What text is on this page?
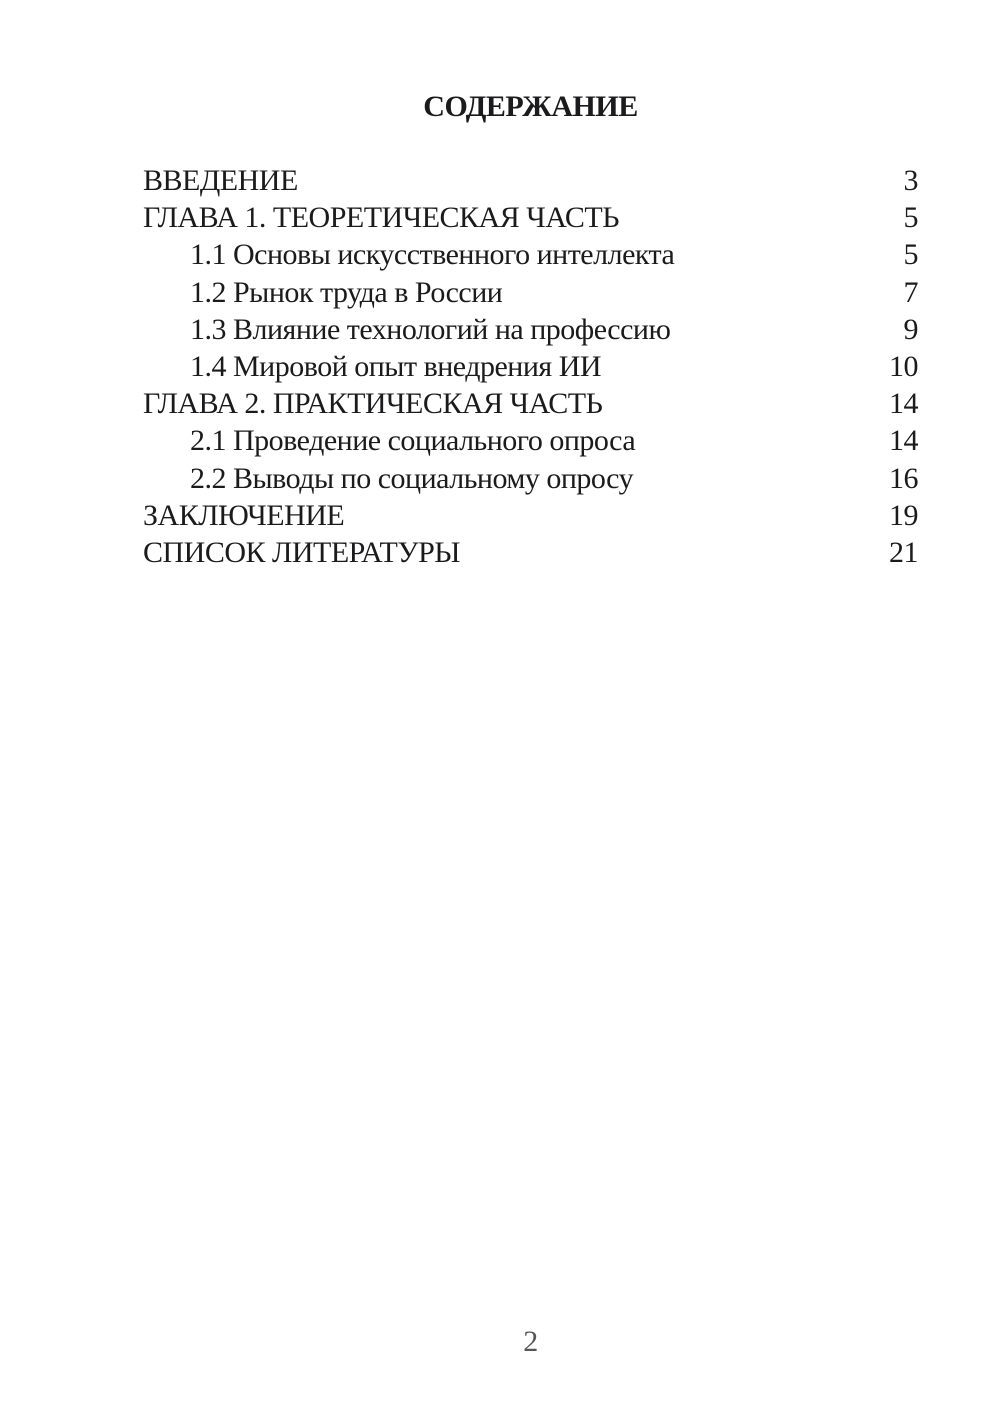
СОДЕРЖАНИЕ
ВВЕДЕНИЕ	3
ГЛАВА 1. ТЕОРЕТИЧЕСКАЯ ЧАСТЬ	5
1.1 Основы искусственного интеллекта	5
1.2 Рынок труда в России	7
1.3 Влияние технологий на профессию	9
1.4 Мировой опыт внедрения ИИ	10
ГЛАВА 2. ПРАКТИЧЕСКАЯ ЧАСТЬ	14
2.1 Проведение социального опроса	14
2.2 Выводы по социальному опросу	16
ЗАКЛЮЧЕНИЕ	19
СПИСОК ЛИТЕРАТУРЫ	21
2
